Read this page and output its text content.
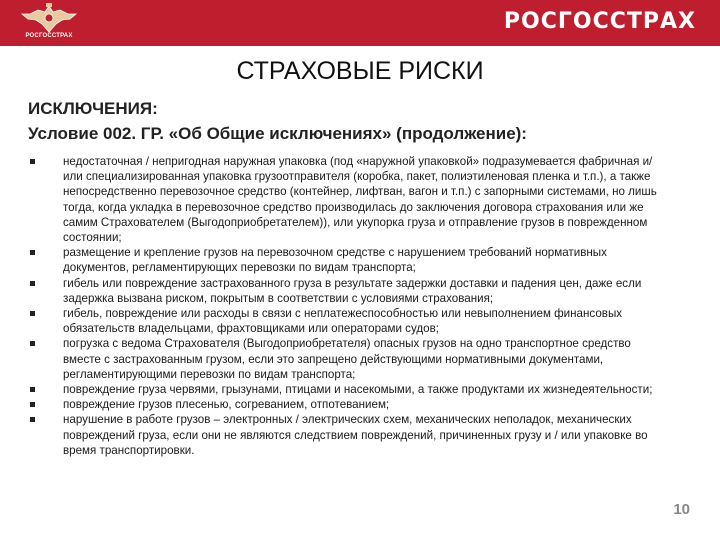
РОСГОССТРАХ
РОСГОССТРАХ
СТРАХОВЫЕ РИСКИ
ИСКЛЮЧЕНИЯ:
Условие 002. ГР. «Об Общие исключениях» (продолжение):
недостаточная / непригодная наружная упаковка (под «наружной упаковкой» подразумевается фабричная и/или специализированная упаковка грузоотправителя (коробка, пакет, полиэтиленовая пленка и т.п.), а также непосредственно перевозочное средство (контейнер, лифтван, вагон и т.п.) с запорными системами, но лишь тогда, когда укладка в перевозочное средство производилась до заключения договора страхования или же самим Страхователем (Выгодоприобретателем)), или укупорка груза и отправление грузов в поврежденном состоянии;
размещение и крепление грузов на перевозочном средстве с нарушением требований нормативных документов, регламентирующих перевозки по видам транспорта;
гибель или повреждение застрахованного груза в результате задержки доставки и падения цен, даже если задержка вызвана риском, покрытым в соответствии с условиями страхования;
гибель, повреждение или расходы в связи с неплатежеспособностью или невыполнением финансовых обязательств владельцами, фрахтовщиками или операторами судов;
погрузка с ведома Страхователя (Выгодоприобретателя) опасных грузов на одно транспортное средство вместе с застрахованным грузом, если это запрещено действующими нормативными документами, регламентирующими перевозки по видам транспорта;
повреждение груза червями, грызунами, птицами и насекомыми, а также продуктами их жизнедеятельности;
повреждение грузов плесенью, согреванием, отпотеванием;
нарушение в работе грузов – электронных / электрических схем, механических неполадок, механических повреждений груза, если они не являются следствием повреждений, причиненных грузу и / или упаковке во время транспортировки.
10
